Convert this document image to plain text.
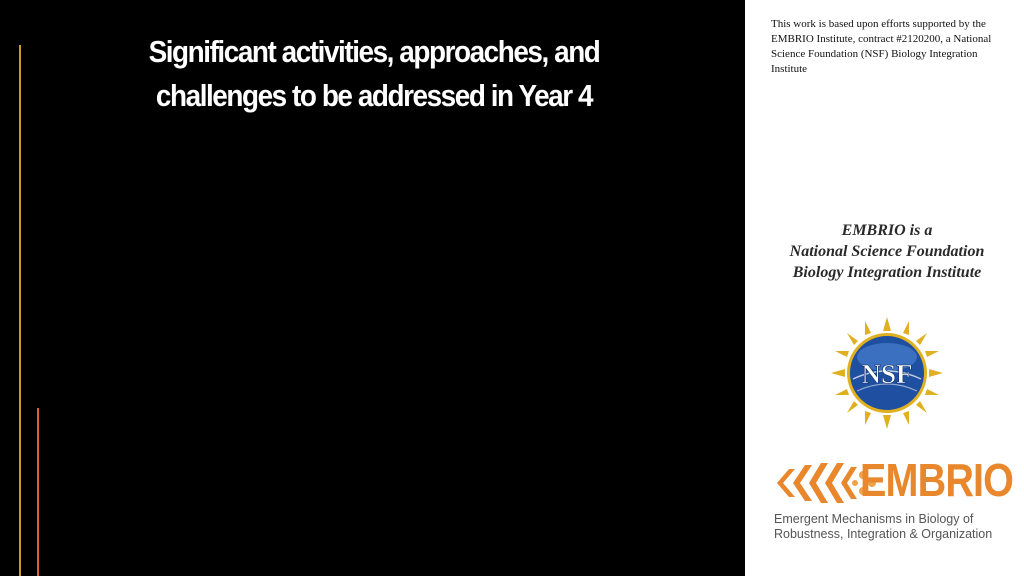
Significant activities, approaches, and
challenges to be addressed in Year 4
This work is based upon efforts supported by the EMBRIO Institute, contract #2120200, a National Science Foundation (NSF) Biology Integration Institute
EMBRIO is a
National Science Foundation
Biology Integration Institute
NSF
EMBRIO
Emergent Mechanisms in Biology of
Robustness, Integration & Organization
